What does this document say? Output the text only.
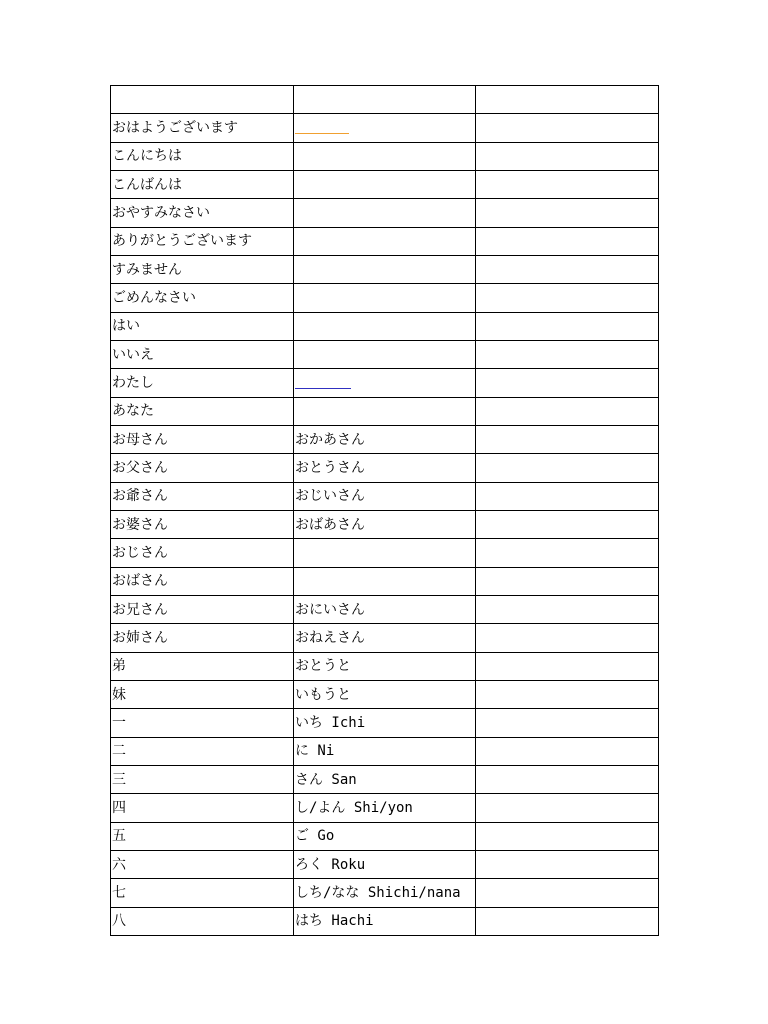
おはようございます	

こんにちは		
こんばんは		
おやすみなさい		
ありがとうございます		
すみません		
ごめんなさい		
はい		
いいえ		
わたし	

あなた		
お母さん	おかあさん	
お父さん	おとうさん	
お爺さん	おじいさん	
お婆さん	おばあさん	
おじさん		
おばさん		
お兄さん	おにいさん	
お姉さん	おねえさん	
弟	おとうと	
妹	いもうと	
一	いち Ichi	
二	に Ni	
三	さん San	
四	し/よん Shi/yon	
五	ご Go	
六	ろく Roku	
七	しち/なな Shichi/nana	
八	はち Hachi	
